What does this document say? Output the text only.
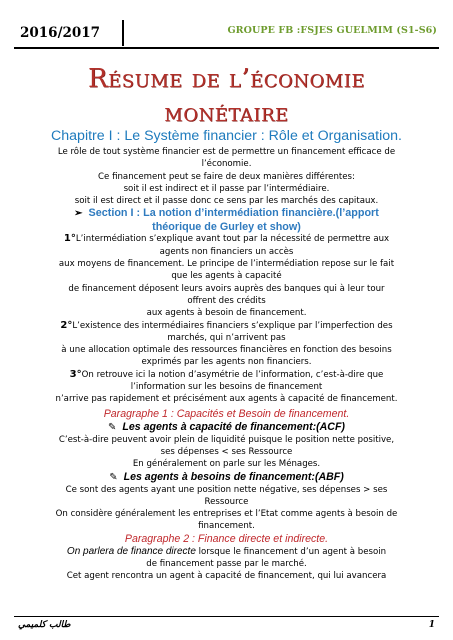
2016/2017	GROUPE FB :FSJES GUELMIM (S1-S6)
Résume de l’économie
monétaire
Chapitre I : Le Système financier : Rôle et Organisation.
Le rôle de tout système financier est de permettre un financement efficace de
l’économie.
Ce financement peut se faire de deux manières différentes:
soit il est indirect et il passe par l’intermédiaire.
soit il est direct et il passe donc ce sens par les marchés des capitaux.
➢ Section I : La notion d’intermédiation financière.(l’apport
théorique de Gurley et show)
1°L’intermédiation s’explique avant tout par la nécessité de permettre aux
agents non financiers un accès
aux moyens de financement. Le principe de l’intermédiation repose sur le fait
que les agents à capacité
de financement déposent leurs avoirs auprès des banques qui à leur tour
offrent des crédits
aux agents à besoin de financement.
2°L’existence des intermédiaires financiers s’explique par l’imperfection des
marchés, qui n’arrivent pas
à une allocation optimale des ressources financières en fonction des besoins
exprimés par les agents non financiers.
3°On retrouve ici la notion d’asymétrie de l’information, c’est-à-dire que
l’information sur les besoins de financement
n’arrive pas rapidement et précisément aux agents à capacité de financement.
Paragraphe 1 : Capacités et Besoin de financement.
✎ Les agents à capacité de financement:(ACF)
C’est-à-dire peuvent avoir plein de liquidité puisque le position nette positive,
ses dépenses < ses Ressource
En généralement on parle sur les Ménages.
✎ Les agents à besoins de financement:(ABF)
Ce sont des agents ayant une position nette négative, ses dépenses > ses
Ressource
On considère généralement les entreprises et l’Etat comme agents à besoin de
financement.
Paragraphe 2 : Finance directe et indirecte.
On parlera de finance directe lorsque le financement d’un agent à besoin
de financement passe par le marché.
Cet agent rencontra un agent à capacité de financement, qui lui avancera
طالب كلميمي	1
